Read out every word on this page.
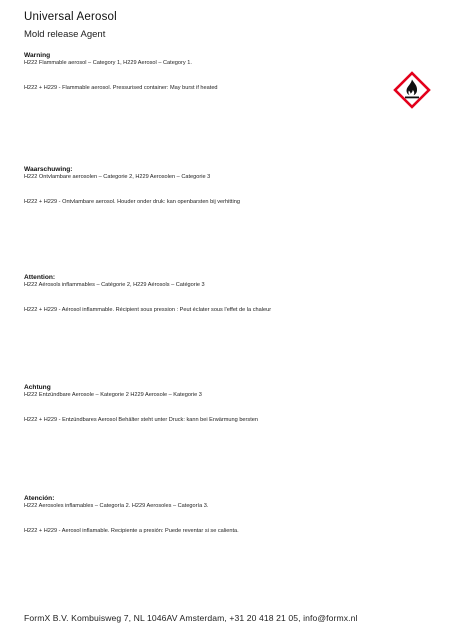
Universal Aerosol
Mold release Agent
Warning
H222 Flammable aerosol – Category 1, H229 Aerosol – Category 1.
H222 + H229 - Flammable aerosol. Pressurised container: May burst if heated
Waarschuwing:
H222 Ontvlambare aerosolen – Categorie 2, H229 Aerosolen – Categorie 3
H222 + H229 - Ontvlambare aerosol. Houder onder druk: kan openbarsten bij verhitting
Attention:
H222 Aérosols inflammables – Catégorie 2, H229 Aérosols – Catégorie 3
H222 + H229 - Aérosol inflammable. Récipient sous pression : Peut éclater sous l'effet de la chaleur
Achtung
H222 Entzündbare Aerosole – Kategorie 2 H229 Aerosole – Kategorie 3
H222 + H229 - Entzündbares Aerosol Behälter steht unter Druck: kann bei Erwärmung bersten
Atención:
H222 Aerosoles inflamables – Categoría 2. H229 Aerosoles – Categoría 3.
H222 + H229 - Aerosol inflamable. Recipiente a presión: Puede reventar si se calienta.
FormX B.V. Kombuisweg 7, NL 1046AV Amsterdam, +31 20 418 21 05, info@formx.nl
